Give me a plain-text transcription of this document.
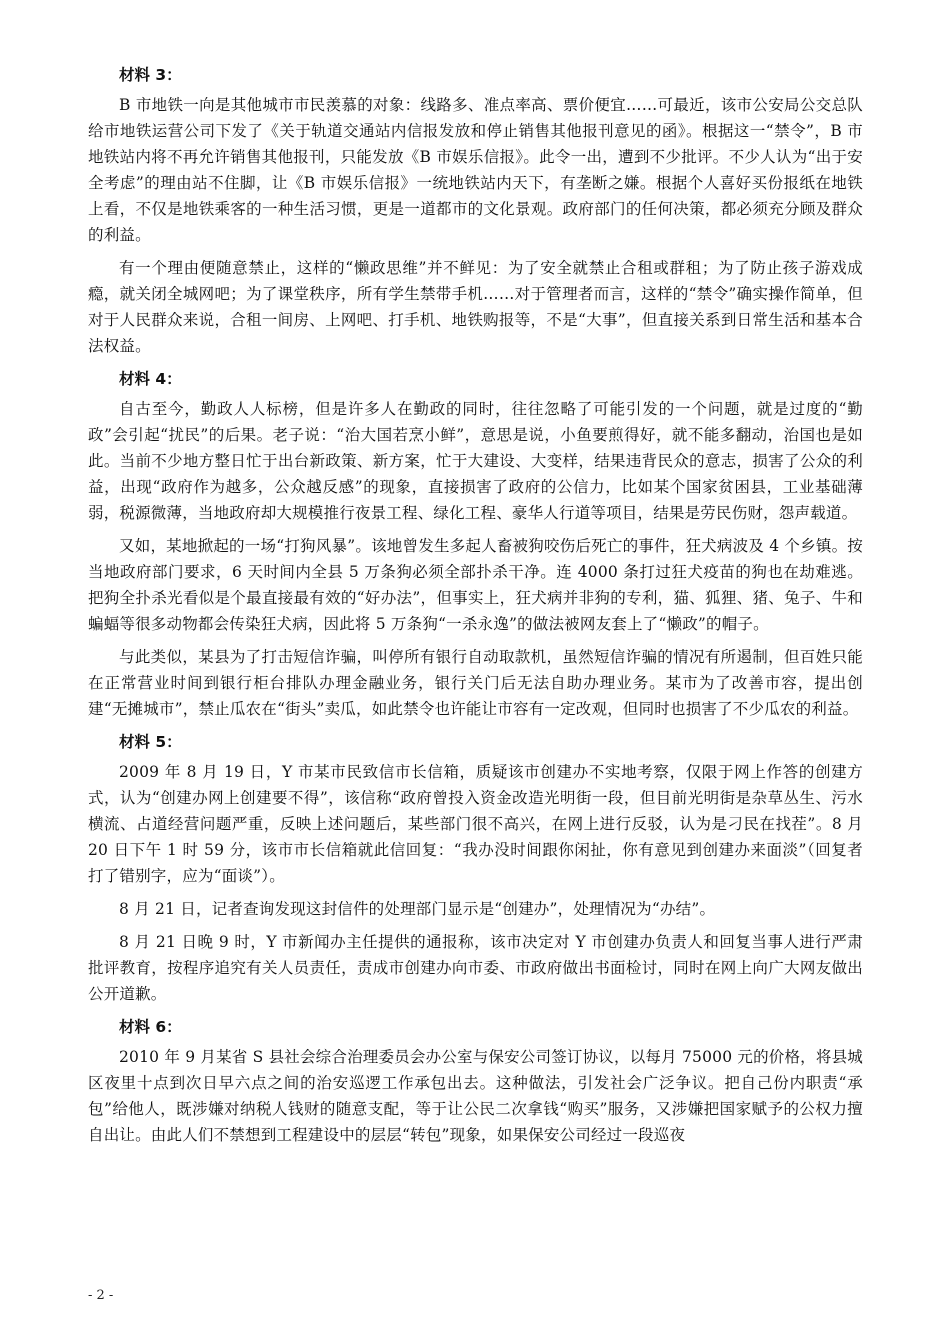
材料 3：

B 市地铁一向是其他城市市民羡慕的对象：线路多、准点率高、票价便宜……可最近，该市公安局公交总队给市地铁运营公司下发了《关于轨道交通站内信报发放和停止销售其他报刊意见的函》。根据这一“禁令”，B 市地铁站内将不再允许销售其他报刊，只能发放《B 市娱乐信报》。此令一出，遭到不少批评。不少人认为“出于安全考虑”的理由站不住脚，让《B 市娱乐信报》一统地铁站内天下，有垄断之嫌。根据个人喜好买份报纸在地铁上看，不仅是地铁乘客的一种生活习惯，更是一道都市的文化景观。政府部门的任何决策，都必须充分顾及群众的利益。

有一个理由便随意禁止，这样的“懒政思维”并不鲜见：为了安全就禁止合租或群租；为了防止孩子游戏成瘾，就关闭全城网吧；为了课堂秩序，所有学生禁带手机……对于管理者而言，这样的“禁令”确实操作简单，但对于人民群众来说，合租一间房、上网吧、打手机、地铁购报等，不是“大事”，但直接关系到日常生活和基本合法权益。

材料 4：

自古至今，勤政人人标榜，但是许多人在勤政的同时，往往忽略了可能引发的一个问题，就是过度的“勤政”会引起“扰民”的后果。老子说：“治大国若烹小鲜”，意思是说，小鱼要煎得好，就不能多翻动，治国也是如此。当前不少地方整日忙于出台新政策、新方案，忙于大建设、大变样，结果违背民众的意志，损害了公众的利益，出现“政府作为越多，公众越反感”的现象，直接损害了政府的公信力，比如某个国家贫困县，工业基础薄弱，税源微薄，当地政府却大规模推行夜景工程、绿化工程、豪华人行道等项目，结果是劳民伤财，怨声载道。

又如，某地掀起的一场“打狗风暴”。该地曾发生多起人畜被狗咬伤后死亡的事件，狂犬病波及 4 个乡镇。按当地政府部门要求，6 天时间内全县 5 万条狗必须全部扑杀干净。连 4000 条打过狂犬疫苗的狗也在劫难逃。把狗全扑杀光看似是个最直接最有效的“好办法”，但事实上，狂犬病并非狗的专利，猫、狐狸、猪、兔子、牛和蝙蝠等很多动物都会传染狂犬病，因此将 5 万条狗“一杀永逸”的做法被网友套上了“懒政”的帽子。

与此类似，某县为了打击短信诈骗，叫停所有银行自动取款机，虽然短信诈骗的情况有所遏制，但百姓只能在正常营业时间到银行柜台排队办理金融业务，银行关门后无法自助办理业务。某市为了改善市容，提出创建“无摊城市”，禁止瓜农在“街头”卖瓜，如此禁令也许能让市容有一定改观，但同时也损害了不少瓜农的利益。

材料 5：

2009 年 8 月 19 日，Y 市某市民致信市长信箱，质疑该市创建办不实地考察，仅限于网上作答的创建方式，认为“创建办网上创建要不得”，该信称“政府曾投入资金改造光明街一段，但目前光明街是杂草丛生、污水横流、占道经营问题严重，反映上述问题后，某些部门很不高兴，在网上进行反驳，认为是刁民在找茬”。8 月 20 日下午 1 时 59 分，该市市长信箱就此信回复：“我办没时间跟你闲扯，你有意见到创建办来面淡”（回复者打了错别字，应为“面谈”）。

8 月 21 日，记者查询发现这封信件的处理部门显示是“创建办”，处理情况为“办结”。

8 月 21 日晚 9 时，Y 市新闻办主任提供的通报称，该市决定对 Y 市创建办负责人和回复当事人进行严肃批评教育，按程序追究有关人员责任，责成市创建办向市委、市政府做出书面检讨，同时在网上向广大网友做出公开道歉。

材料 6：

2010 年 9 月某省 S 县社会综合治理委员会办公室与保安公司签订协议，以每月 75000 元的价格，将县城区夜里十点到次日早六点之间的治安巡逻工作承包出去。这种做法，引发社会广泛争议。把自己份内职责“承包”给他人，既涉嫌对纳税人钱财的随意支配，等于让公民二次拿钱“购买”服务，又涉嫌把国家赋予的公权力擅自出让。由此人们不禁想到工程建设中的层层“转包”现象，如果保安公司经过一段巡夜

- 2 -
